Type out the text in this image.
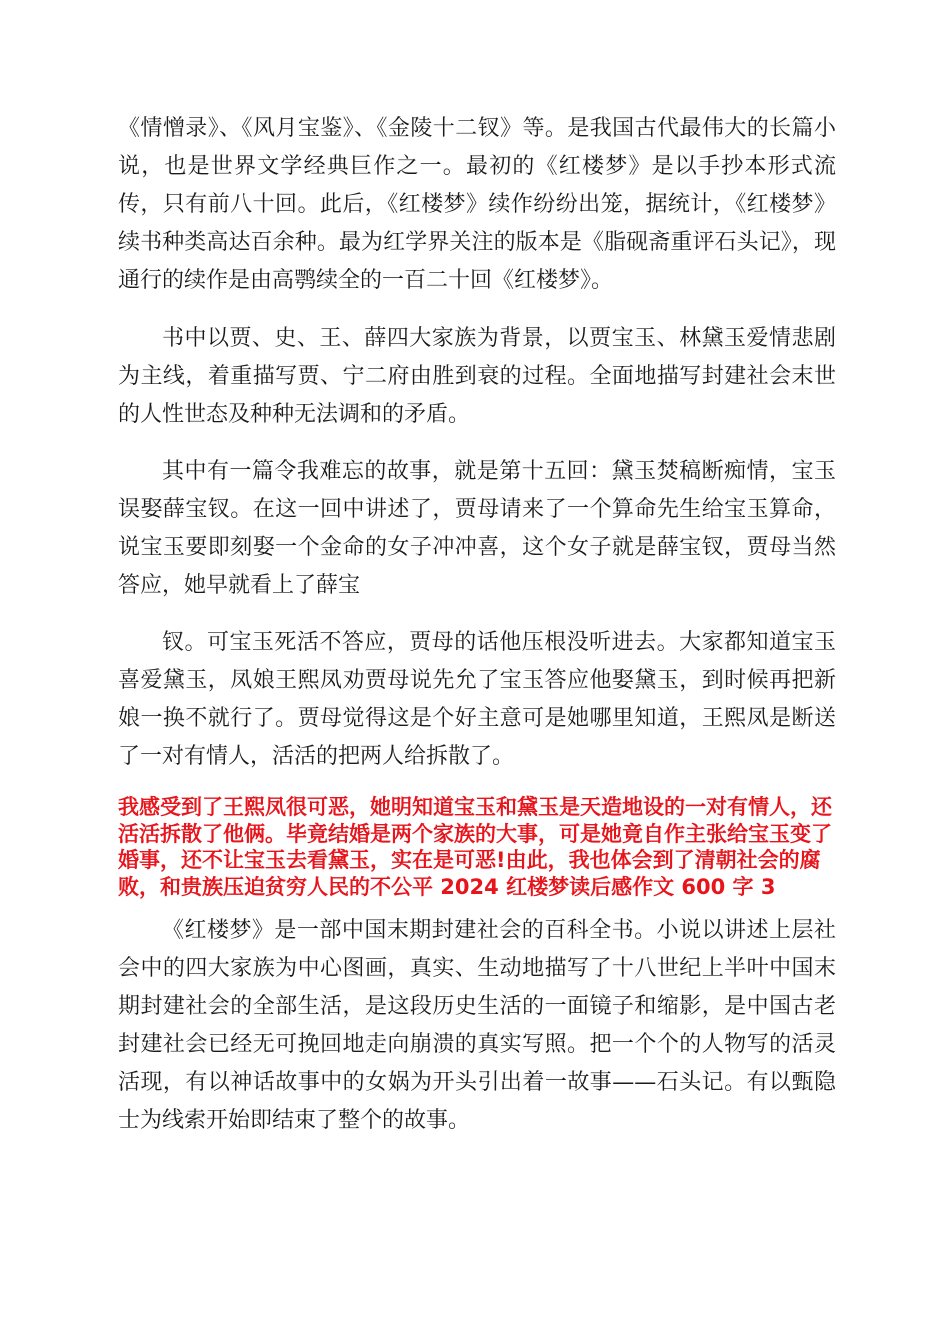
《情憎录》、《风月宝鉴》、《金陵十二钗》等。是我国古代最伟大的长篇小说，也是世界文学经典巨作之一。最初的《红楼梦》是以手抄本形式流传，只有前八十回。此后，《红楼梦》续作纷纷出笼，据统计，《红楼梦》续书种类高达百余种。最为红学界关注的版本是《脂砚斋重评石头记》，现通行的续作是由高鹗续全的一百二十回《红楼梦》。

书中以贾、史、王、薛四大家族为背景，以贾宝玉、林黛玉爱情悲剧为主线，着重描写贾、宁二府由胜到衰的过程。全面地描写封建社会末世的人性世态及种种无法调和的矛盾。

其中有一篇令我难忘的故事，就是第十五回：黛玉焚稿断痴情，宝玉误娶薛宝钗。在这一回中讲述了，贾母请来了一个算命先生给宝玉算命，说宝玉要即刻娶一个金命的女子冲冲喜，这个女子就是薛宝钗，贾母当然答应，她早就看上了薛宝

钗。可宝玉死活不答应，贾母的话他压根没听进去。大家都知道宝玉喜爱黛玉，凤娘王熙凤劝贾母说先允了宝玉答应他娶黛玉，到时候再把新娘一换不就行了。贾母觉得这是个好主意可是她哪里知道，王熙凤是断送了一对有情人，活活的把两人给拆散了。

我感受到了王熙凤很可恶，她明知道宝玉和黛玉是天造地设的一对有情人，还活活拆散了他俩。毕竟结婚是两个家族的大事，可是她竟自作主张给宝玉变了婚事，还不让宝玉去看黛玉，实在是可恶!由此，我也体会到了清朝社会的腐败，和贵族压迫贫穷人民的不公平 2024 红楼梦读后感作文 600 字 3

《红楼梦》是一部中国末期封建社会的百科全书。小说以讲述上层社会中的四大家族为中心图画，真实、生动地描写了十八世纪上半叶中国末期封建社会的全部生活，是这段历史生活的一面镜子和缩影，是中国古老封建社会已经无可挽回地走向崩溃的真实写照。把一个个的人物写的活灵活现，有以神话故事中的女娲为开头引出着一故事——石头记。有以甄隐士为线索开始即结束了整个的故事。
